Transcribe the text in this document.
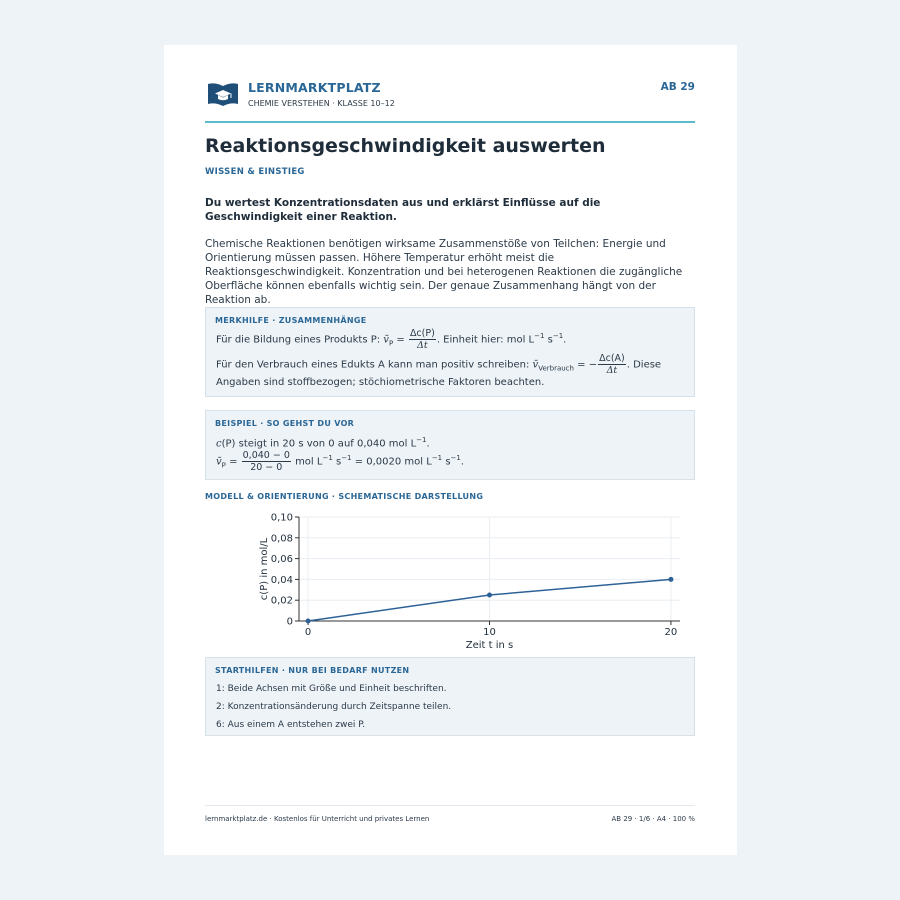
LERNMARKTPLATZ
CHEMIE VERSTEHEN · KLASSE 10–12
AB 29
Reaktionsgeschwindigkeit auswerten
WISSEN & EINSTIEG
Du wertest Konzentrationsdaten aus und erklärst Einflüsse auf die Geschwindigkeit einer Reaktion.
Chemische Reaktionen benötigen wirksame Zusammenstöße von Teilchen: Energie und Orientierung müssen passen. Höhere Temperatur erhöht meist die Reaktionsgeschwindigkeit. Konzentration und bei heterogenen Reaktionen die zugängliche Oberfläche können ebenfalls wichtig sein. Der genaue Zusammenhang hängt von der Reaktion ab.
MERKHILFE · ZUSAMMENHÄNGE
Für die Bildung eines Produkts P: $v̄_P = \frac{\Delta c(P)}{\Delta t}$ . Einheit hier: mol $L^{-1}$ $s^{-1}$.
Für den Verbrauch eines Edukts A kann man positiv schreiben: $v̄_{Verbrauch}$ = − $\frac{\Delta c(A)}{\Delta t}$ . Diese
Angaben sind stoffbezogen; stöchiometrische Faktoren beachten.
BEISPIEL · SO GEHST DU VOR
c(P) steigt in 20 s von 0 auf 0,040 mol $L^{-1}$.
$v̄_P = \frac{0,040 - 0}{20 - 0}$ mol $L^{-1}$ $s^{-1} = 0,0020$ mol $L^{-1}$ $s^{-1}$.
MODELL & ORIENTIERUNG · SCHEMATISCHE DARSTELLUNG
0
0,02
0,04
0,06
0,08
0,10
0	10	20
Zeit t in s
c(P) in mol/L
STARTHILFEN · NUR BEI BEDARF NUTZEN
1: Beide Achsen mit Größe und Einheit beschriften.
2: Konzentrationsänderung durch Zeitspanne teilen.
6: Aus einem A entstehen zwei P.
lernmarktplatz.de · Kostenlos für Unterricht und privates Lernen	AB 29 · 1/6 · A4 · 100 %
